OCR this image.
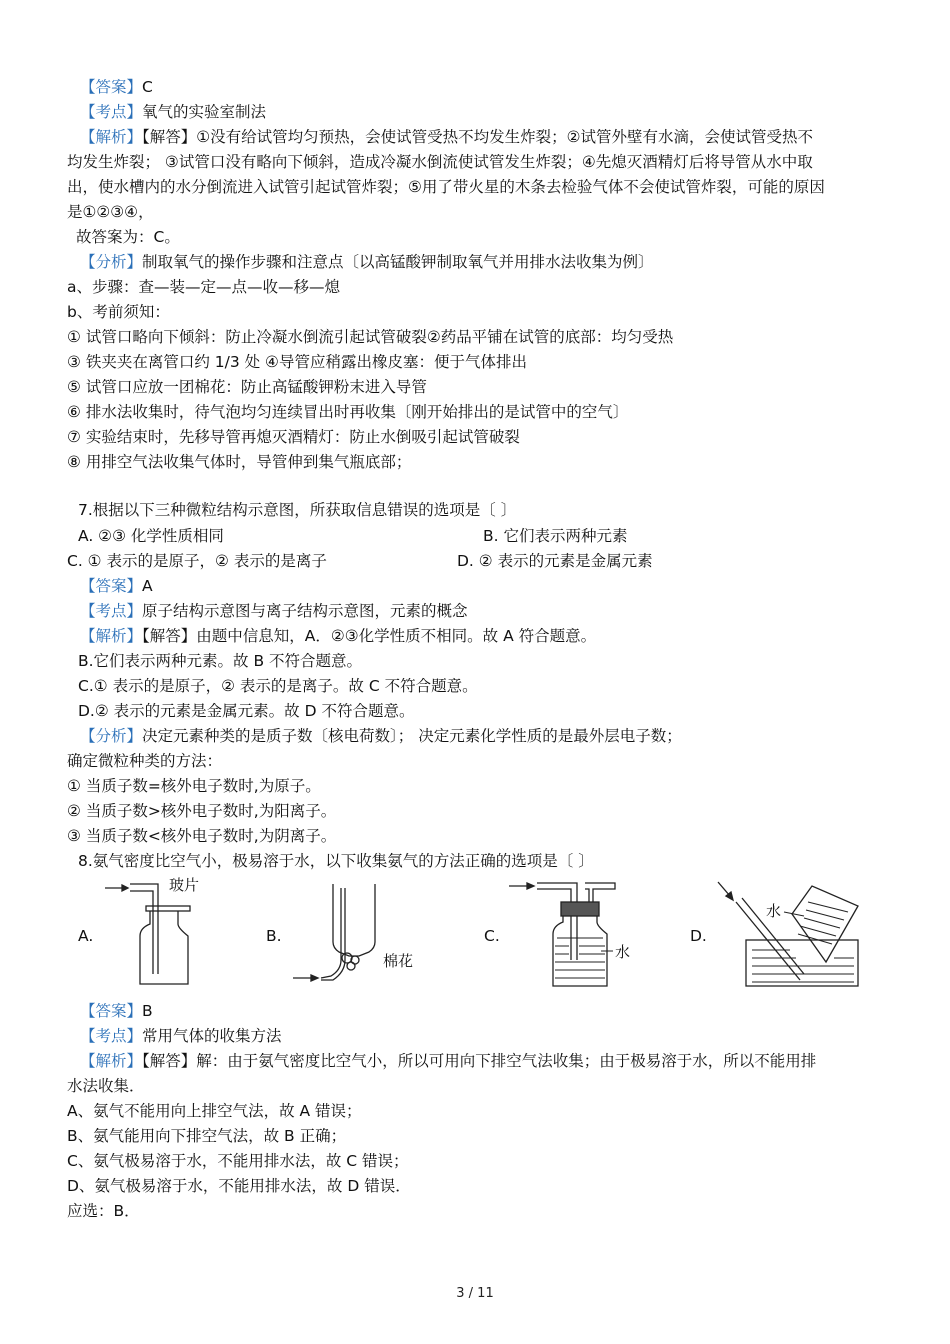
【答案】C
【考点】氧气的实验室制法
【解析】【解答】①没有给试管均匀预热，会使试管受热不均发生炸裂；②试管外壁有水滴，会使试管受热不
均发生炸裂； ③试管口没有略向下倾斜，造成冷凝水倒流使试管发生炸裂；④先熄灭酒精灯后将导管从水中取
出，使水槽内的水分倒流进入试管引起试管炸裂；⑤用了带火星的木条去检验气体不会使试管炸裂，可能的原因
是①②③④，
故答案为：C。
【分析】制取氧气的操作步骤和注意点〔以高锰酸钾制取氧气并用排水法收集为例〕
a、步骤：查—装—定—点—收—移—熄
b、考前须知：
① 试管口略向下倾斜：防止冷凝水倒流引起试管破裂②药品平铺在试管的底部：均匀受热
③ 铁夹夹在离管口约 1/3 处 ④导管应稍露出橡皮塞：便于气体排出
⑤ 试管口应放一团棉花：防止高锰酸钾粉末进入导管
⑥ 排水法收集时，待气泡均匀连续冒出时再收集〔刚开始排出的是试管中的空气〕
⑦ 实验结束时，先移导管再熄灭酒精灯：防止水倒吸引起试管破裂
⑧ 用排空气法收集气体时，导管伸到集气瓶底部；
7.根据以下三种微粒结构示意图，所获取信息错误的选项是〔 〕
A. ②③ 化学性质相同	B. 它们表示两种元素
C. ① 表示的是原子，② 表示的是离子	D. ② 表示的元素是金属元素
【答案】A
【考点】原子结构示意图与离子结构示意图，元素的概念
【解析】【解答】由题中信息知，A．②③化学性质不相同。故 A 符合题意。
B.它们表示两种元素。故 B 不符合题意。
C.① 表示的是原子，② 表示的是离子。故 C 不符合题意。
D.② 表示的元素是金属元素。故 D 不符合题意。
【分析】决定元素种类的是质子数〔核电荷数〕； 决定元素化学性质的是最外层电子数；
确定微粒种类的方法：
① 当质子数=核外电子数时,为原子。
② 当质子数>核外电子数时,为阳离子。
③ 当质子数<核外电子数时,为阴离子。
8.氨气密度比空气小，极易溶于水，以下收集氨气的方法正确的选项是〔 〕
A.	B.	C.	D.
玻片
棉花	水
水
【答案】B
【考点】常用气体的收集方法
【解析】【解答】解：由于氨气密度比空气小，所以可用向下排空气法收集；由于极易溶于水，所以不能用排
水法收集．
A、氨气不能用向上排空气法，故 A 错误；
B、氨气能用向下排空气法，故 B 正确；
C、氨气极易溶于水，不能用排水法，故 C 错误；
D、氨气极易溶于水，不能用排水法，故 D 错误．
应选：B．
3 / 11
